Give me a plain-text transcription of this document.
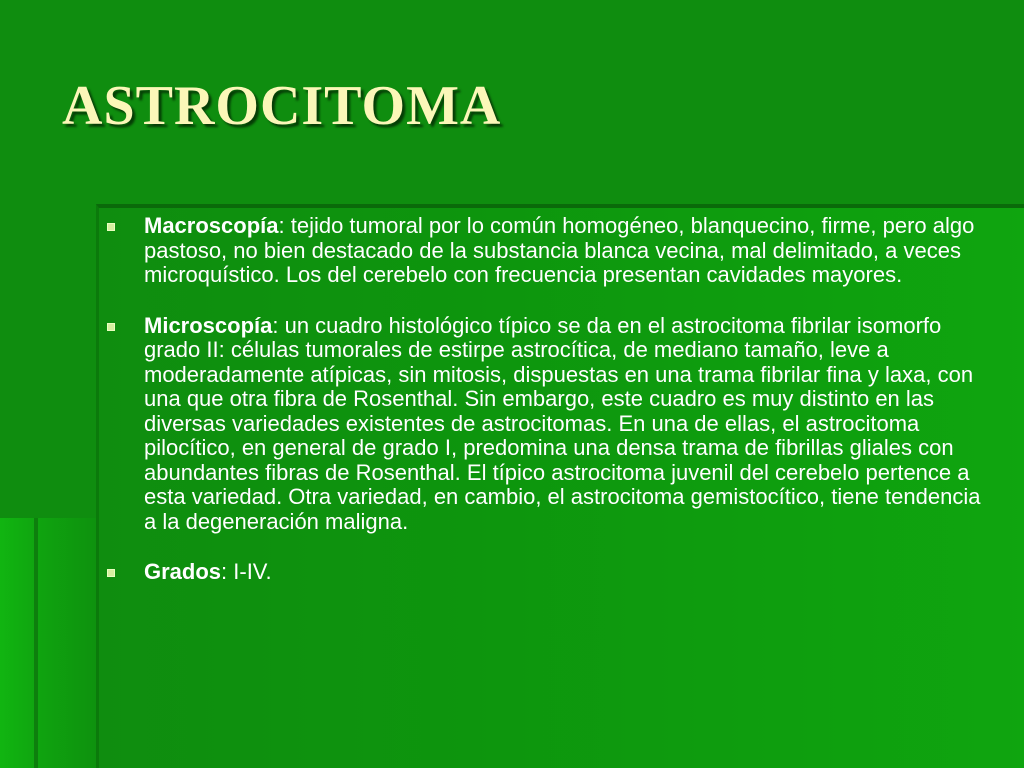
ASTROCITOMA
Macroscopía: tejido tumoral por lo común homogéneo, blanquecino, firme, pero algo pastoso, no bien destacado de la substancia blanca vecina, mal delimitado, a veces microquístico. Los del cerebelo con frecuencia presentan cavidades mayores.
Microscopía: un cuadro histológico típico se da en el astrocitoma fibrilar isomorfo grado II: células tumorales de estirpe astrocítica, de mediano tamaño, leve a moderadamente atípicas, sin mitosis, dispuestas en una trama fibrilar fina y laxa, con una que otra fibra de Rosenthal. Sin embargo, este cuadro es muy distinto en las diversas variedades existentes de astrocitomas. En una de ellas, el astrocitoma pilocítico, en general de grado I, predomina una densa trama de fibrillas gliales con abundantes fibras de Rosenthal. El típico astrocitoma juvenil del cerebelo pertence a esta variedad. Otra variedad, en cambio, el astrocitoma gemistocítico, tiene tendencia a la degeneración maligna.
Grados: I-IV.
